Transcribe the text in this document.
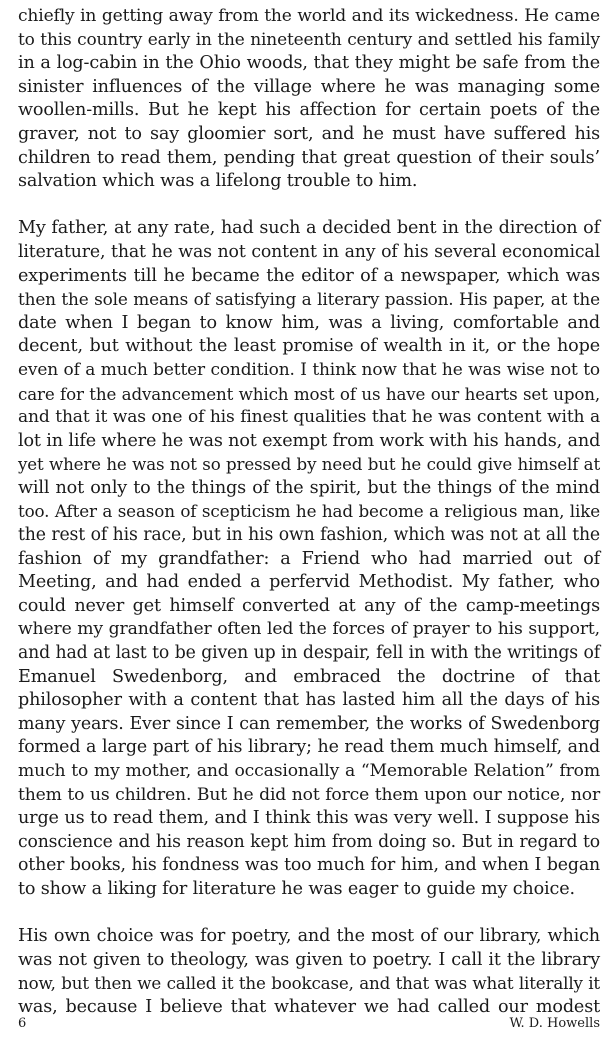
chiefly in getting away from the world and its wickedness. He came
to this country early in the nineteenth century and settled his family
in a log-cabin in the Ohio woods, that they might be safe from the
sinister influences of the village where he was managing some
woollen-mills. But he kept his affection for certain poets of the
graver, not to say gloomier sort, and he must have suffered his
children to read them, pending that great question of their souls’
salvation which was a lifelong trouble to him.
My father, at any rate, had such a decided bent in the direction of
literature, that he was not content in any of his several economical
experiments till he became the editor of a newspaper, which was
then the sole means of satisfying a literary passion. His paper, at the
date when I began to know him, was a living, comfortable and
decent, but without the least promise of wealth in it, or the hope
even of a much better condition. I think now that he was wise not to
care for the advancement which most of us have our hearts set upon,
and that it was one of his finest qualities that he was content with a
lot in life where he was not exempt from work with his hands, and
yet where he was not so pressed by need but he could give himself at
will not only to the things of the spirit, but the things of the mind
too. After a season of scepticism he had become a religious man, like
the rest of his race, but in his own fashion, which was not at all the
fashion of my grandfather: a Friend who had married out of
Meeting, and had ended a perfervid Methodist. My father, who
could never get himself converted at any of the camp-meetings
where my grandfather often led the forces of prayer to his support,
and had at last to be given up in despair, fell in with the writings of
Emanuel Swedenborg, and embraced the doctrine of that
philosopher with a content that has lasted him all the days of his
many years. Ever since I can remember, the works of Swedenborg
formed a large part of his library; he read them much himself, and
much to my mother, and occasionally a “Memorable Relation” from
them to us children. But he did not force them upon our notice, nor
urge us to read them, and I think this was very well. I suppose his
conscience and his reason kept him from doing so. But in regard to
other books, his fondness was too much for him, and when I began
to show a liking for literature he was eager to guide my choice.
His own choice was for poetry, and the most of our library, which
was not given to theology, was given to poetry. I call it the library
now, but then we called it the bookcase, and that was what literally it
was, because I believe that whatever we had called our modest
6	W. D. Howells
